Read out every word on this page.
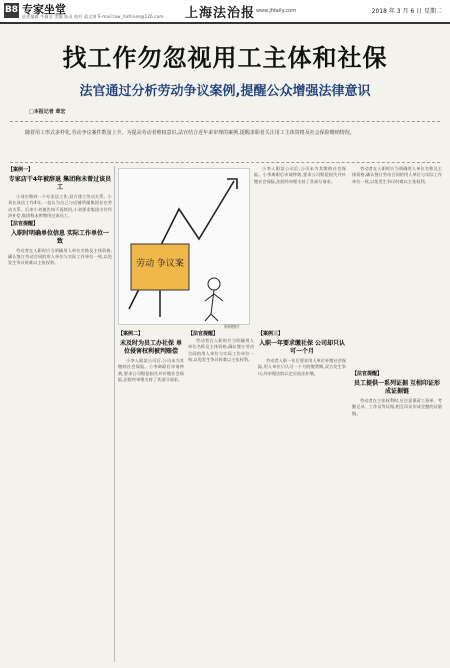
B8 专家坐堂
责任编辑 牛静菲 美编 陈汛 校对 邵文帅 E-mail:law_hotlines@126.com 上海法治报 www.jfdaily.com	2018 年 3 月 6 日 星期二
找工作勿忽视用工主体和社保
法官通过分析劳动争议案例,提醒公众增强法律意识
□本报记者 章宏
随着用工形式多样化,劳动争议案件数量上升。为提高劳动者维权意识,法官结合近年来审理的案例,提醒求职者关注用工主体资格及社会保险缴纳情况。
【案例一】
专家店干4年被辞退 集团称未曾过该员工

小刘应聘到一个专卖店工作,双方建立劳动关系。小刘在该店工作4年,一直认为自己与店铺所属集团存在劳动关系。后来小刘被告知不再续用,小刘要求集团支付经济补偿,集团称未曾聘用过该员工。

【法官提醒】
入职时明确单位信息 实际工作单位一致

劳动者在入职时应当明确用人单位名称及主体资格,确认签订劳动合同的用人单位与实际工作单位一致,以免发生争议时难以主张权利。	劳动 争议案
资料图片

小李入职某公司后,公司未为其缴纳社会保险。小李离职后申请仲裁,要求公司赔偿损失并补缴社会保险,法院经审理支持了其部分请求。

劳动者在入职时应当明确用人单位名称及主体资格,确认签订劳动合同的用人单位与实际工作单位一致,以免发生争议时难以主张权利。

【案例二】
未及时为员工办社保 单位侵害权利被判赔偿

小李入职某公司后,公司未为其缴纳社会保险。小李离职后申请仲裁,要求公司赔偿损失并补缴社会保险,法院经审理支持了其部分请求。

【法官提醒】

劳动者在入职时应当明确用人单位名称及主体资格,确认签订劳动合同的用人单位与实际工作单位一致,以免发生争议时难以主张权利。

【案例三】
入职一年要求缴社保 公司却只认可一个月

劳动者入职一年后要求用人单位补缴社会保险,用人单位只认可一个月的缴费期,双方发生争议,经审理法院认定应依法补缴。	【法官提醒】
员工提供一系列证据 互相印证形成证据链

劳动者在主张权利时,应注意保留工资单、考勤记录、工作证等证据,相互印证形成完整的证据链。
